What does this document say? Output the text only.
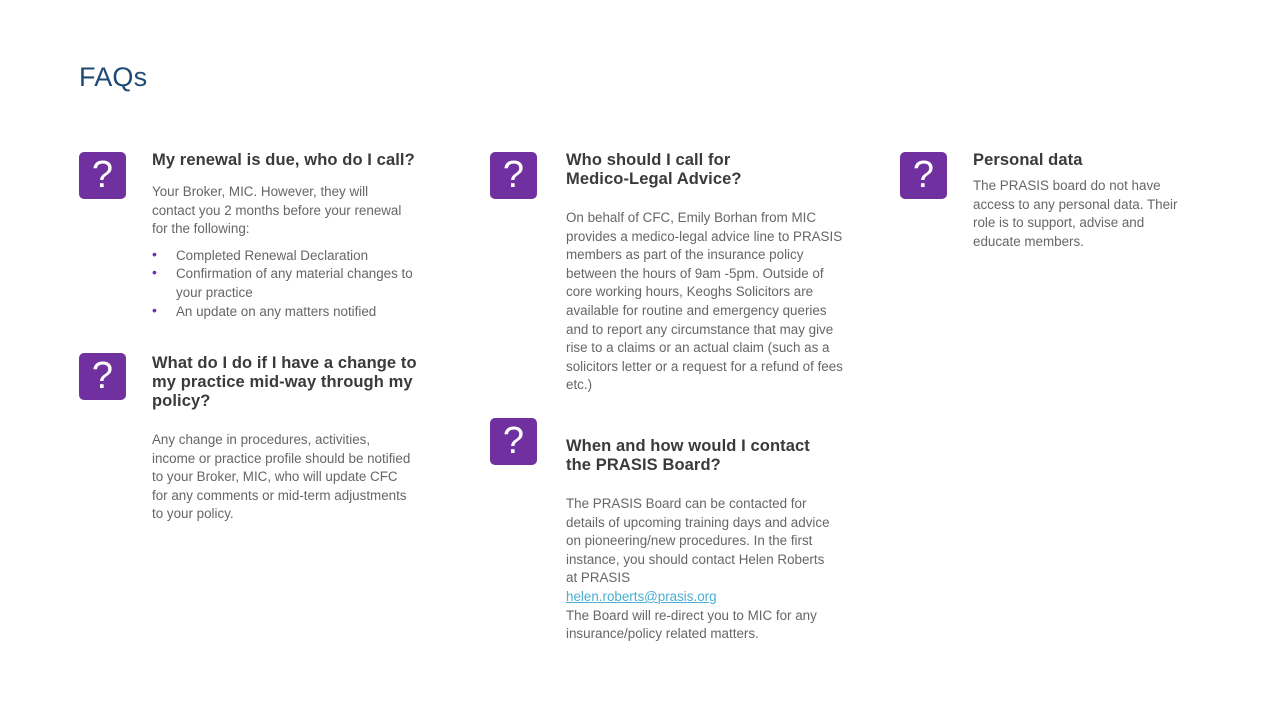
FAQs
?	My renewal is due, who do I call?

Your Broker, MIC. However, they will contact you 2 months before your renewal for the following:

• Completed Renewal Declaration
• Confirmation of any material changes to your practice
• An update on any matters notified
?	What do I do if I have a change to my practice mid-way through my policy?

Any change in procedures, activities, income or practice profile should be notified to your Broker, MIC, who will update CFC for any comments or mid-term adjustments to your policy.

?	Who should I call for Medico-Legal Advice?

On behalf of CFC, Emily Borhan from MIC provides a medico-legal advice line to PRASIS members as part of the insurance policy between the hours of 9am -5pm. Outside of core working hours, Keoghs Solicitors are available for routine and emergency queries and to report any circumstance that may give rise to a claims or an actual claim (such as a solicitors letter or a request for a refund of fees etc.)

?	When and how would I contact the PRASIS Board?

The PRASIS Board can be contacted for details of upcoming training days and advice on pioneering/new procedures. In the first instance, you should contact Helen Roberts at PRASIS
helen.roberts@prasis.org
The Board will re-direct you to MIC for any insurance/policy related matters.

?	Personal data

The PRASIS board do not have access to any personal data. Their role is to support, advise and educate members.
